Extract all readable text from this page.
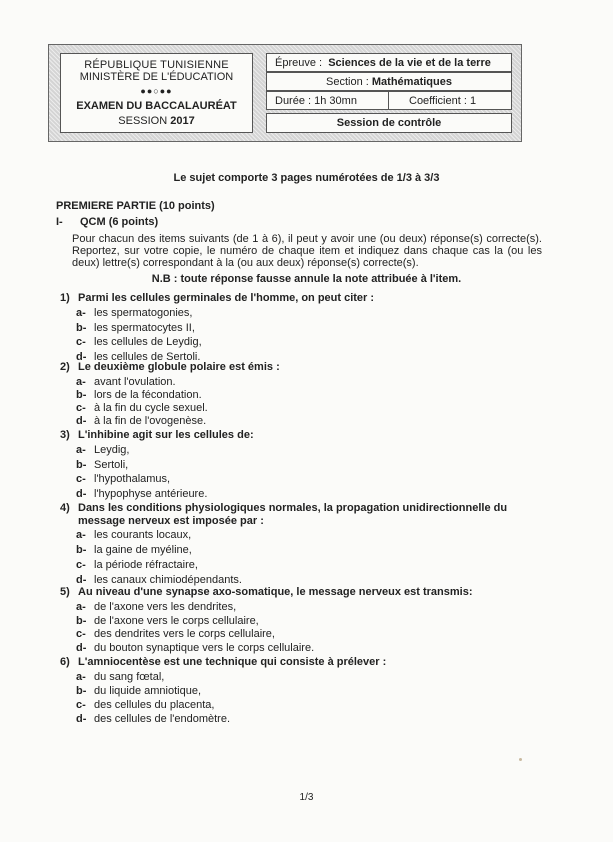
RÉPUBLIQUE TUNISIENNE
MINISTÈRE DE L'ÉDUCATION
●●○●●
EXAMEN DU BACCALAURÉAT
SESSION 2017
Épreuve : Sciences de la vie et de la terre
Section : Mathématiques
Durée : 1h 30mn	Coefficient : 1
Session de contrôle
Le sujet comporte 3 pages numérotées de 1/3 à 3/3
PREMIERE PARTIE (10 points)
I- QCM (6 points)
Pour chacun des items suivants (de 1 à 6), il peut y avoir une (ou deux) réponse(s) correcte(s). Reportez, sur votre copie, le numéro de chaque item et indiquez dans chaque cas la (ou les deux) lettre(s) correspondant à la (ou aux deux) réponse(s) correcte(s).
N.B : toute réponse fausse annule la note attribuée à l'item.
1) Parmi les cellules germinales de l'homme, on peut citer :
a- les spermatogonies,
b- les spermatocytes II,
c- les cellules de Leydig,
d- les cellules de Sertoli.
2) Le deuxième globule polaire est émis :
a- avant l'ovulation.
b- lors de la fécondation.
c- à la fin du cycle sexuel.
d- à la fin de l'ovogenèse.
3) L'inhibine agit sur les cellules de:
a- Leydig,
b- Sertoli,
c- l'hypothalamus,
d- l'hypophyse antérieure.
4) Dans les conditions physiologiques normales, la propagation unidirectionnelle du message nerveux est imposée par :
a- les courants locaux,
b- la gaine de myéline,
c- la période réfractaire,
d- les canaux chimiodépendants.
5) Au niveau d'une synapse axo-somatique, le message nerveux est transmis:
a- de l'axone vers les dendrites,
b- de l'axone vers le corps cellulaire,
c- des dendrites vers le corps cellulaire,
d- du bouton synaptique vers le corps cellulaire.
6) L'amniocentèse est une technique qui consiste à prélever :
a- du sang fœtal,
b- du liquide amniotique,
c- des cellules du placenta,
d- des cellules de l'endomètre.
1/3
